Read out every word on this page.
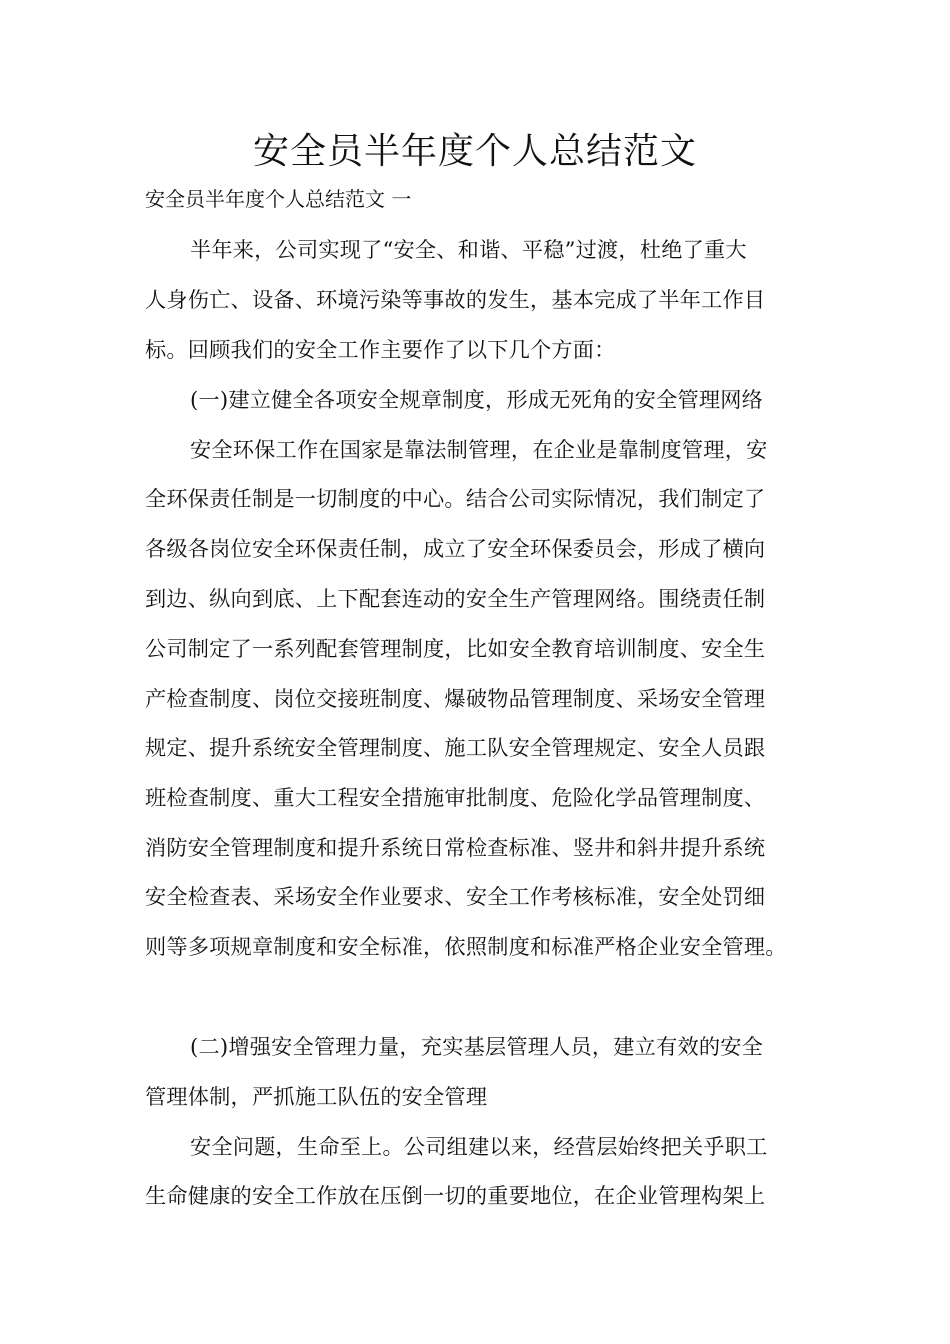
安全员半年度个人总结范文
安全员半年度个人总结范文 一
半年来，公司实现了“安全、和谐、平稳”过渡，杜绝了重大
人身伤亡、设备、环境污染等事故的发生，基本完成了半年工作目
标。回顾我们的安全工作主要作了以下几个方面：
(一)建立健全各项安全规章制度，形成无死角的安全管理网络
安全环保工作在国家是靠法制管理，在企业是靠制度管理，安
全环保责任制是一切制度的中心。结合公司实际情况，我们制定了
各级各岗位安全环保责任制，成立了安全环保委员会，形成了横向
到边、纵向到底、上下配套连动的安全生产管理网络。围绕责任制
公司制定了一系列配套管理制度，比如安全教育培训制度、安全生
产检查制度、岗位交接班制度、爆破物品管理制度、采场安全管理
规定、提升系统安全管理制度、施工队安全管理规定、安全人员跟
班检查制度、重大工程安全措施审批制度、危险化学品管理制度、
消防安全管理制度和提升系统日常检查标准、竖井和斜井提升系统
安全检查表、采场安全作业要求、安全工作考核标准，安全处罚细
则等多项规章制度和安全标准，依照制度和标准严格企业安全管理。
(二)增强安全管理力量，充实基层管理人员，建立有效的安全
管理体制，严抓施工队伍的安全管理
安全问题，生命至上。公司组建以来，经营层始终把关乎职工
生命健康的安全工作放在压倒一切的重要地位，在企业管理构架上
